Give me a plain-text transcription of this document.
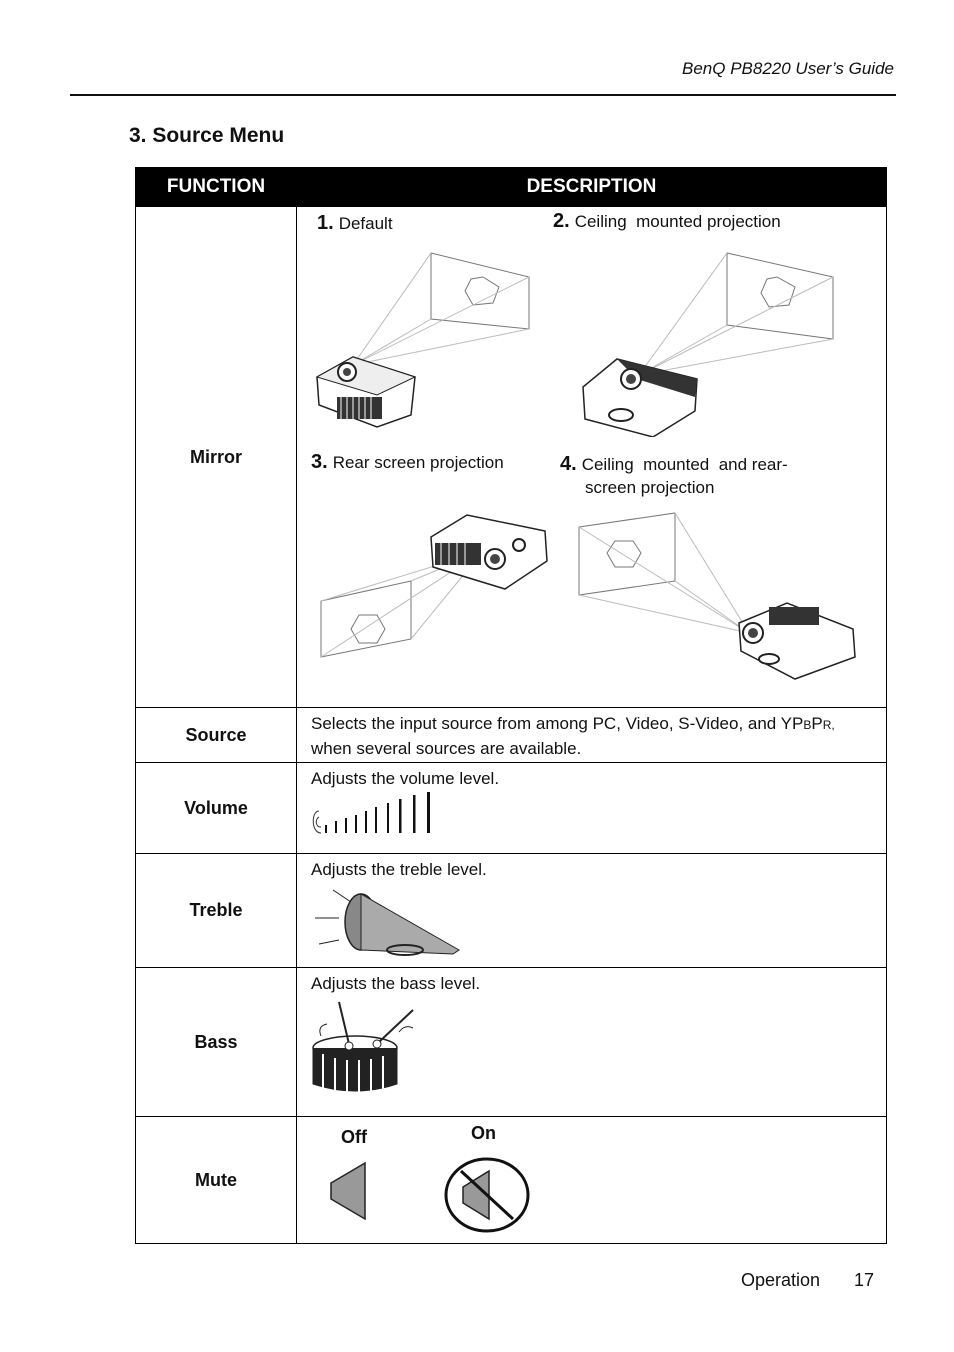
BenQ PB8220 User’s Guide
3. Source Menu
FUNCTION	DESCRIPTION
Mirror	1. Default 2. Ceiling  mounted projection
3. Rear screen projection 4. Ceiling  mounted  and rear-
screen projection

Source	Selects the input source from among PC, Video, S-Video, and YPBPR,
when several sources are available.

Volume	Adjusts the volume level.

Treble	Adjusts the treble level.

Bass	Adjusts the bass level.

Mute	Off On
Operation 17
